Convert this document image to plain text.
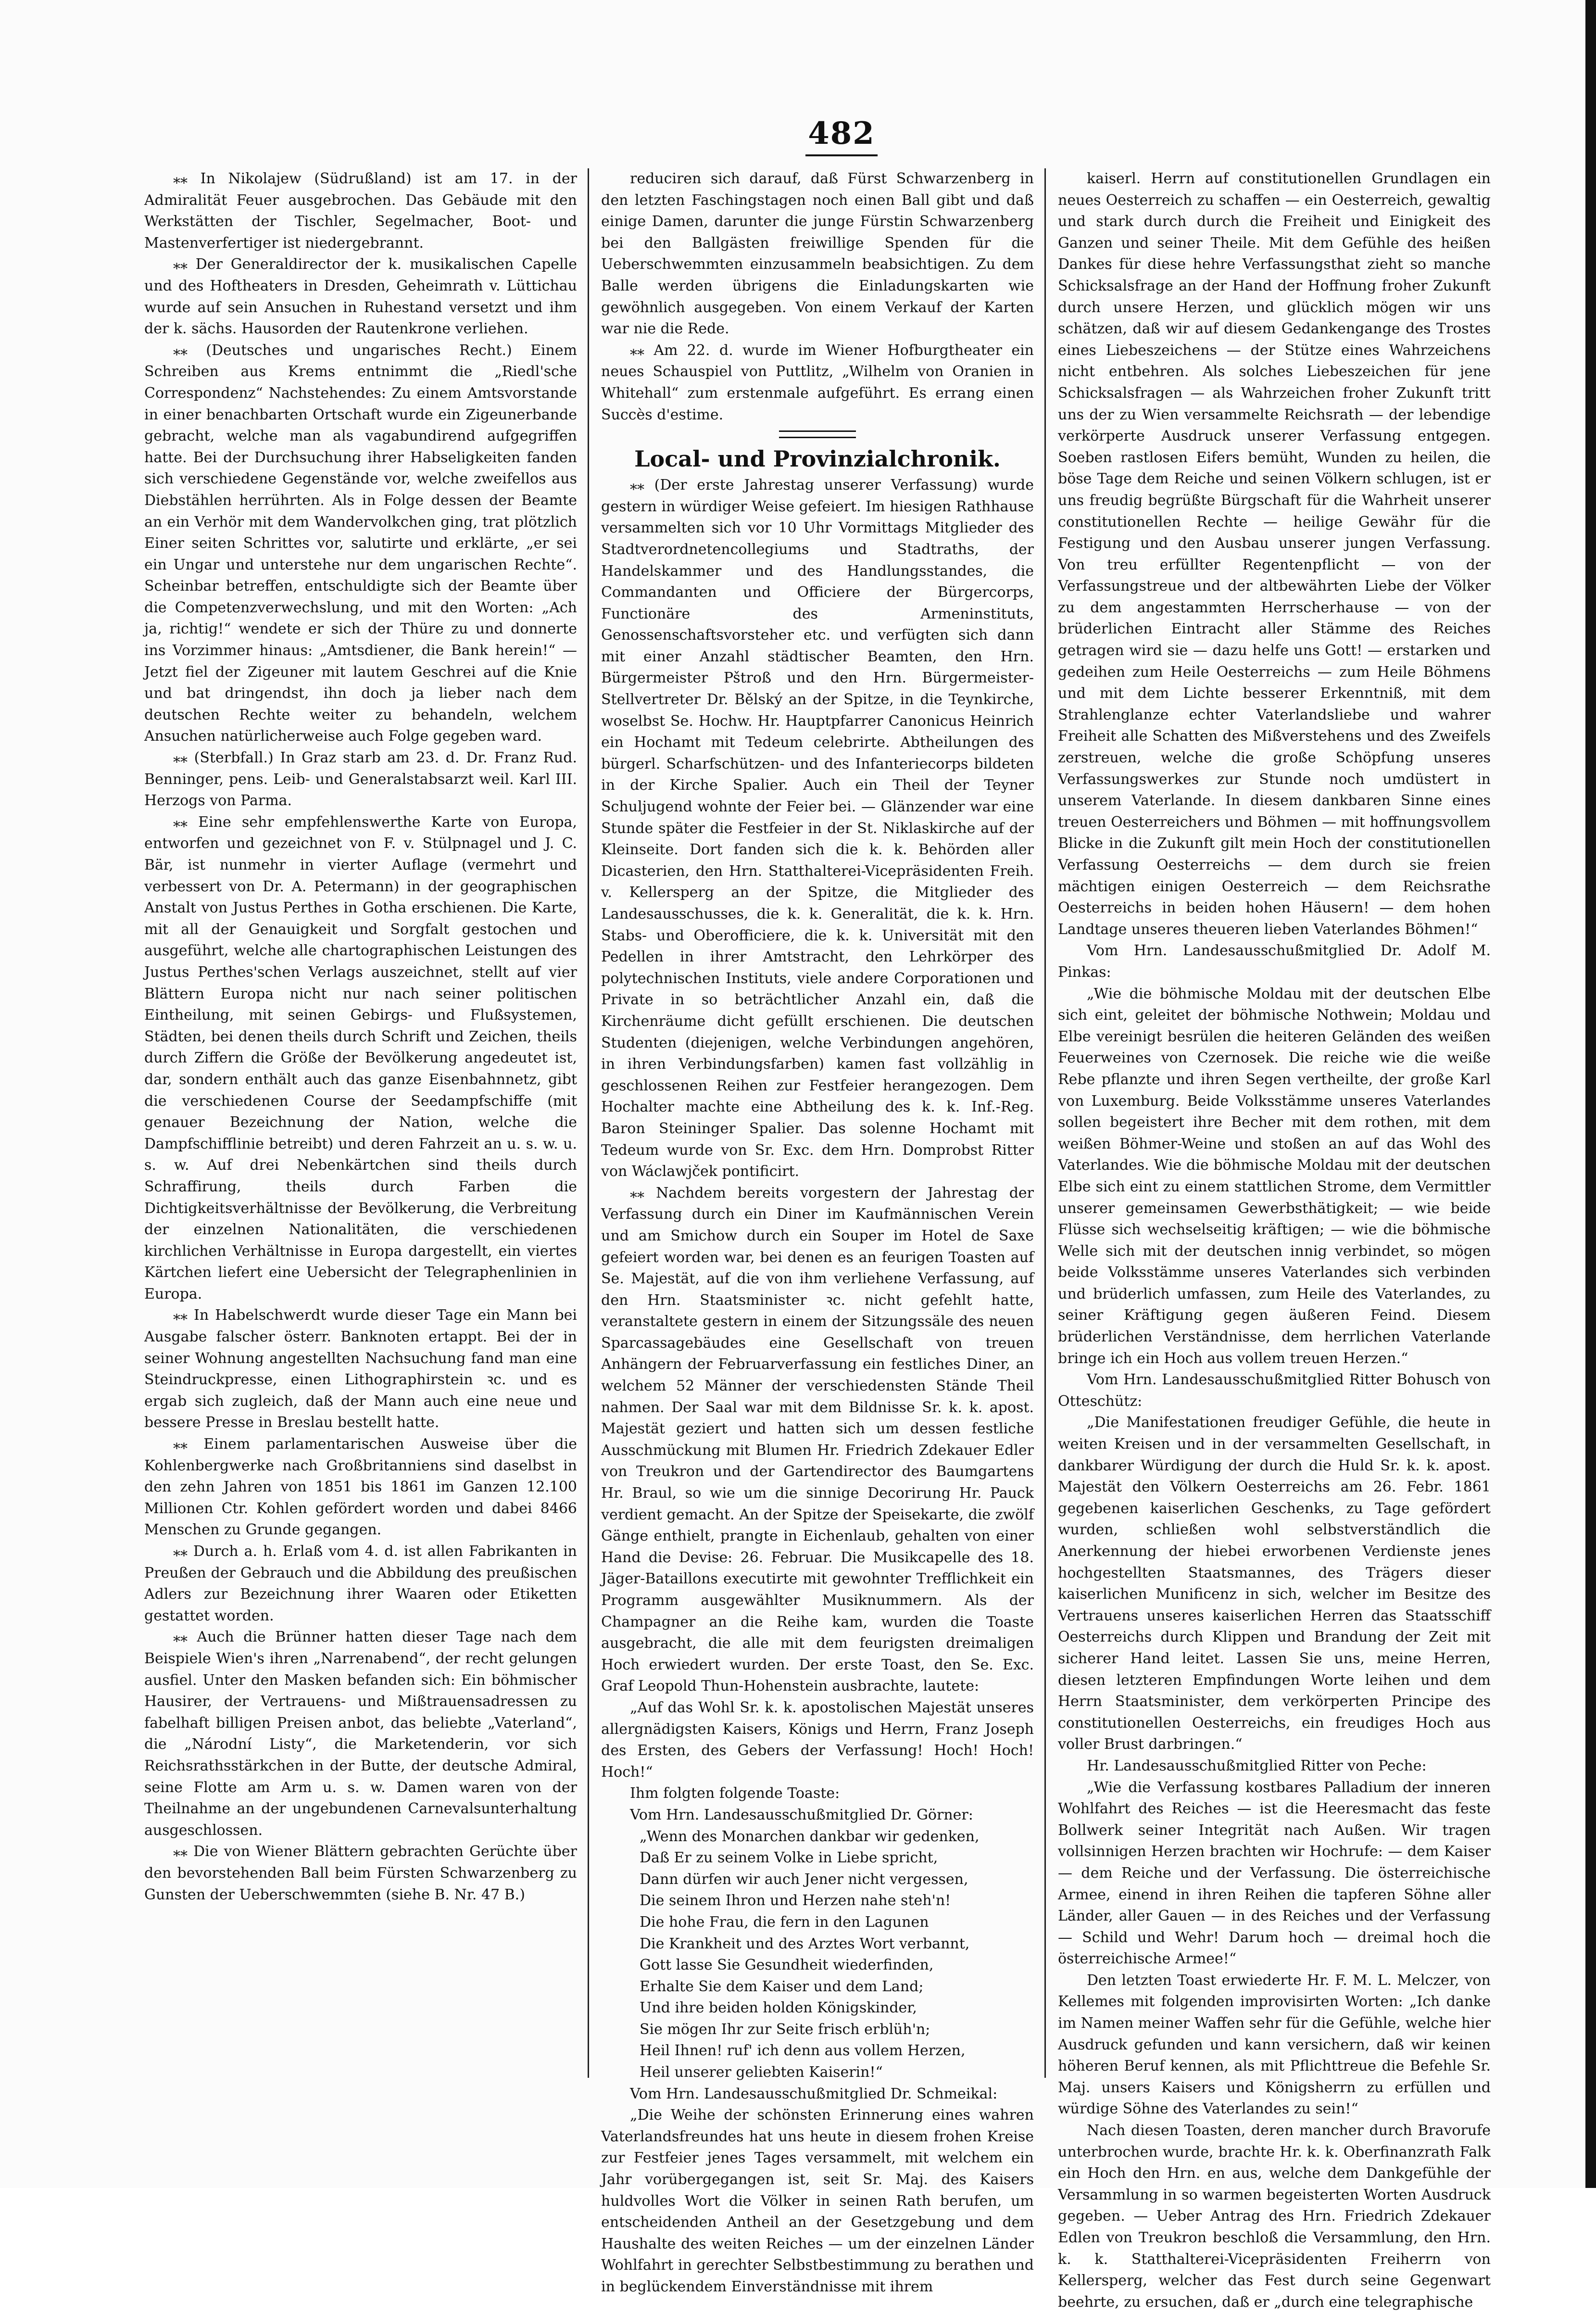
482

⁎⁎ In Nikolajew (Südrußland) ist am 17. in der Admiralität Feuer ausgebrochen. Das Gebäude mit den Werkstätten der Tischler, Segelmacher, Boot- und Mastenverfertiger ist niedergebrannt.

⁎⁎ Der Generaldirector der k. musikalischen Capelle und des Hoftheaters in Dresden, Geheimrath v. Lüttichau wurde auf sein Ansuchen in Ruhestand versetzt und ihm der k. sächs. Hausorden der Rautenkrone verliehen.

⁎⁎ (Deutsches und ungarisches Recht.) Einem Schreiben aus Krems entnimmt die „Riedl'sche Correspondenz“ Nachstehendes: Zu einem Amtsvorstande in einer benachbarten Ortschaft wurde ein Zigeunerbande gebracht, welche man als vagabundirend aufgegriffen hatte. Bei der Durchsuchung ihrer Habseligkeiten fanden sich verschiedene Gegenstände vor, welche zweifellos aus Diebstählen herrührten. Als in Folge dessen der Beamte an ein Verhör mit dem Wandervolkchen ging, trat plötzlich Einer seiten Schrittes vor, salutirte und erklärte, „er sei ein Ungar und unterstehe nur dem ungarischen Rechte“. Scheinbar betreffen, entschuldigte sich der Beamte über die Competenzverwechslung, und mit den Worten: „Ach ja, richtig!“ wendete er sich der Thüre zu und donnerte ins Vorzimmer hinaus: „Amtsdiener, die Bank herein!“ — Jetzt fiel der Zigeuner mit lautem Geschrei auf die Knie und bat dringendst, ihn doch ja lieber nach dem deutschen Rechte weiter zu behandeln, welchem Ansuchen natürlicherweise auch Folge gegeben ward.

⁎⁎ (Sterbfall.) In Graz starb am 23. d. Dr. Franz Rud. Benninger, pens. Leib- und Generalstabsarzt weil. Karl III. Herzogs von Parma.

⁎⁎ Eine sehr empfehlenswerthe Karte von Europa, entworfen und gezeichnet von F. v. Stülpnagel und J. C. Bär, ist nunmehr in vierter Auflage (vermehrt und verbessert von Dr. A. Petermann) in der geographischen Anstalt von Justus Perthes in Gotha erschienen. Die Karte, mit all der Genauigkeit und Sorgfalt gestochen und ausgeführt, welche alle chartographischen Leistungen des Justus Perthes'schen Verlags auszeichnet, stellt auf vier Blättern Europa nicht nur nach seiner politischen Eintheilung, mit seinen Gebirgs- und Flußsystemen, Städten, bei denen theils durch Schrift und Zeichen, theils durch Ziffern die Größe der Bevölkerung angedeutet ist, dar, sondern enthält auch das ganze Eisenbahnnetz, gibt die verschiedenen Course der Seedampfschiffe (mit genauer Bezeichnung der Nation, welche die Dampfschifflinie betreibt) und deren Fahrzeit an u. s. w. u. s. w. Auf drei Nebenkärtchen sind theils durch Schraffirung, theils durch Farben die Dichtigkeitsverhältnisse der Bevölkerung, die Verbreitung der einzelnen Nationalitäten, die verschiedenen kirchlichen Verhältnisse in Europa dargestellt, ein viertes Kärtchen liefert eine Uebersicht der Telegraphenlinien in Europa.

⁎⁎ In Habelschwerdt wurde dieser Tage ein Mann bei Ausgabe falscher österr. Banknoten ertappt. Bei der in seiner Wohnung angestellten Nachsuchung fand man eine Steindruckpresse, einen Lithographirstein ꝛc. und es ergab sich zugleich, daß der Mann auch eine neue und bessere Presse in Breslau bestellt hatte.

⁎⁎ Einem parlamentarischen Ausweise über die Kohlenbergwerke nach Großbritanniens sind daselbst in den zehn Jahren von 1851 bis 1861 im Ganzen 12.100 Millionen Ctr. Kohlen gefördert worden und dabei 8466 Menschen zu Grunde gegangen.

⁎⁎ Durch a. h. Erlaß vom 4. d. ist allen Fabrikanten in Preußen der Gebrauch und die Abbildung des preußischen Adlers zur Bezeichnung ihrer Waaren oder Etiketten gestattet worden.

⁎⁎ Auch die Brünner hatten dieser Tage nach dem Beispiele Wien's ihren „Narrenabend“, der recht gelungen ausfiel. Unter den Masken befanden sich: Ein böhmischer Hausirer, der Vertrauens- und Mißtrauensadressen zu fabelhaft billigen Preisen anbot, das beliebte „Vaterland“, die „Národní Listy“, die Marketenderin, vor sich Reichsrathsstärkchen in der Butte, der deutsche Admiral, seine Flotte am Arm u. s. w. Damen waren von der Theilnahme an der ungebundenen Carnevalsunterhaltung ausgeschlossen.

⁎⁎ Die von Wiener Blättern gebrachten Gerüchte über den bevorstehenden Ball beim Fürsten Schwarzenberg zu Gunsten der Ueberschwemmten (siehe B. Nr. 47 B.)

reduciren sich darauf, daß Fürst Schwarzenberg in den letzten Faschingstagen noch einen Ball gibt und daß einige Damen, darunter die junge Fürstin Schwarzenberg bei den Ballgästen freiwillige Spenden für die Ueberschwemmten einzusammeln beabsichtigen. Zu dem Balle werden übrigens die Einladungskarten wie gewöhnlich ausgegeben. Von einem Verkauf der Karten war nie die Rede.

⁎⁎ Am 22. d. wurde im Wiener Hofburgtheater ein neues Schauspiel von Puttlitz, „Wilhelm von Oranien in Whitehall“ zum erstenmale aufgeführt. Es errang einen Succès d'estime.

Local- und Provinzialchronik.

⁎⁎ (Der erste Jahrestag unserer Verfassung) wurde gestern in würdiger Weise gefeiert. Im hiesigen Rathhause versammelten sich vor 10 Uhr Vormittags Mitglieder des Stadtverordnetencollegiums und Stadtraths, der Handelskammer und des Handlungsstandes, die Commandanten und Officiere der Bürgercorps, Functionäre des Armeninstituts, Genossenschaftsvorsteher etc. und verfügten sich dann mit einer Anzahl städtischer Beamten, den Hrn. Bürgermeister Pštroß und den Hrn. Bürgermeister-Stellvertreter Dr. Bělský an der Spitze, in die Teynkirche, woselbst Se. Hochw. Hr. Hauptpfarrer Canonicus Heinrich ein Hochamt mit Tedeum celebrirte. Abtheilungen des bürgerl. Scharfschützen- und des Infanteriecorps bildeten in der Kirche Spalier. Auch ein Theil der Teyner Schuljugend wohnte der Feier bei. — Glänzender war eine Stunde später die Festfeier in der St. Niklaskirche auf der Kleinseite. Dort fanden sich die k. k. Behörden aller Dicasterien, den Hrn. Statthalterei-Vicepräsidenten Freih. v. Kellersperg an der Spitze, die Mitglieder des Landesausschusses, die k. k. Generalität, die k. k. Hrn. Stabs- und Oberofficiere, die k. k. Universität mit den Pedellen in ihrer Amtstracht, den Lehrkörper des polytechnischen Instituts, viele andere Corporationen und Private in so beträchtlicher Anzahl ein, daß die Kirchenräume dicht gefüllt erschienen. Die deutschen Studenten (diejenigen, welche Verbindungen angehören, in ihren Verbindungsfarben) kamen fast vollzählig in geschlossenen Reihen zur Festfeier herangezogen. Dem Hochalter machte eine Abtheilung des k. k. Inf.-Reg. Baron Steininger Spalier. Das solenne Hochamt mit Tedeum wurde von Sr. Exc. dem Hrn. Domprobst Ritter von Wáclawjček pontificirt.

⁎⁎ Nachdem bereits vorgestern der Jahrestag der Verfassung durch ein Diner im Kaufmännischen Verein und am Smichow durch ein Souper im Hotel de Saxe gefeiert worden war, bei denen es an feurigen Toasten auf Se. Majestät, auf die von ihm verliehene Verfassung, auf den Hrn. Staatsminister ꝛc. nicht gefehlt hatte, veranstaltete gestern in einem der Sitzungssäle des neuen Sparcassagebäudes eine Gesellschaft von treuen Anhängern der Februarverfassung ein festliches Diner, an welchem 52 Männer der verschiedensten Stände Theil nahmen. Der Saal war mit dem Bildnisse Sr. k. k. apost. Majestät geziert und hatten sich um dessen festliche Ausschmückung mit Blumen Hr. Friedrich Zdekauer Edler von Treukron und der Gartendirector des Baumgartens Hr. Braul, so wie um die sinnige Decorirung Hr. Pauck verdient gemacht. An der Spitze der Speisekarte, die zwölf Gänge enthielt, prangte in Eichenlaub, gehalten von einer Hand die Devise: 26. Februar. Die Musikcapelle des 18. Jäger-Bataillons executirte mit gewohnter Trefflichkeit ein Programm ausgewählter Musiknummern. Als der Champagner an die Reihe kam, wurden die Toaste ausgebracht, die alle mit dem feurigsten dreimaligen Hoch erwiedert wurden. Der erste Toast, den Se. Exc. Graf Leopold Thun-Hohenstein ausbrachte, lautete:

„Auf das Wohl Sr. k. k. apostolischen Majestät unseres allergnädigsten Kaisers, Königs und Herrn, Franz Joseph des Ersten, des Gebers der Verfassung! Hoch! Hoch! Hoch!“

Ihm folgten folgende Toaste:

Vom Hrn. Landesausschußmitglied Dr. Görner:

„Wenn des Monarchen dankbar wir gedenken,

Daß Er zu seinem Volke in Liebe spricht,

Dann dürfen wir auch Jener nicht vergessen,

Die seinem Ihron und Herzen nahe steh'n!

Die hohe Frau, die fern in den Lagunen

Die Krankheit und des Arztes Wort verbannt,

Gott lasse Sie Gesundheit wiederfinden,

Erhalte Sie dem Kaiser und dem Land;

Und ihre beiden holden Königskinder,

Sie mögen Ihr zur Seite frisch erblüh'n;

Heil Ihnen! ruf' ich denn aus vollem Herzen,

Heil unserer geliebten Kaiserin!“

Vom Hrn. Landesausschußmitglied Dr. Schmeikal:

„Die Weihe der schönsten Erinnerung eines wahren Vaterlandsfreundes hat uns heute in diesem frohen Kreise zur Festfeier jenes Tages versammelt, mit welchem ein Jahr vorübergegangen ist, seit Sr. Maj. des Kaisers huldvolles Wort die Völker in seinen Rath berufen, um entscheidenden Antheil an der Gesetzgebung und dem Haushalte des weiten Reiches — um der einzelnen Länder Wohlfahrt in gerechter Selbstbestimmung zu berathen und in beglückendem Einverständnisse mit ihrem

kaiserl. Herrn auf constitutionellen Grundlagen ein neues Oesterreich zu schaffen — ein Oesterreich, gewaltig und stark durch durch die Freiheit und Einigkeit des Ganzen und seiner Theile. Mit dem Gefühle des heißen Dankes für diese hehre Verfassungsthat zieht so manche Schicksalsfrage an der Hand der Hoffnung froher Zukunft durch unsere Herzen, und glücklich mögen wir uns schätzen, daß wir auf diesem Gedankengange des Trostes eines Liebeszeichens — der Stütze eines Wahrzeichens nicht entbehren. Als solches Liebeszeichen für jene Schicksalsfragen — als Wahrzeichen froher Zukunft tritt uns der zu Wien versammelte Reichsrath — der lebendige verkörperte Ausdruck unserer Verfassung entgegen. Soeben rastlosen Eifers bemüht, Wunden zu heilen, die böse Tage dem Reiche und seinen Völkern schlugen, ist er uns freudig begrüßte Bürgschaft für die Wahrheit unserer constitutionellen Rechte — heilige Gewähr für die Festigung und den Ausbau unserer jungen Verfassung. Von treu erfüllter Regentenpflicht — von der Verfassungstreue und der altbewährten Liebe der Völker zu dem angestammten Herrscherhause — von der brüderlichen Eintracht aller Stämme des Reiches getragen wird sie — dazu helfe uns Gott! — erstarken und gedeihen zum Heile Oesterreichs — zum Heile Böhmens und mit dem Lichte besserer Erkenntniß, mit dem Strahlenglanze echter Vaterlandsliebe und wahrer Freiheit alle Schatten des Mißverstehens und des Zweifels zerstreuen, welche die große Schöpfung unseres Verfassungswerkes zur Stunde noch umdüstert in unserem Vaterlande. In diesem dankbaren Sinne eines treuen Oesterreichers und Böhmen — mit hoffnungsvollem Blicke in die Zukunft gilt mein Hoch der constitutionellen Verfassung Oesterreichs — dem durch sie freien mächtigen einigen Oesterreich — dem Reichsrathe Oesterreichs in beiden hohen Häusern! — dem hohen Landtage unseres theueren lieben Vaterlandes Böhmen!“

Vom Hrn. Landesausschußmitglied Dr. Adolf M. Pinkas:

„Wie die böhmische Moldau mit der deutschen Elbe sich eint, geleitet der böhmische Nothwein; Moldau und Elbe vereinigt besrülen die heiteren Geländen des weißen Feuerweines von Czernosek. Die reiche wie die weiße Rebe pflanzte und ihren Segen vertheilte, der große Karl von Luxemburg. Beide Volksstämme unseres Vaterlandes sollen begeistert ihre Becher mit dem rothen, mit dem weißen Böhmer-Weine und stoßen an auf das Wohl des Vaterlandes. Wie die böhmische Moldau mit der deutschen Elbe sich eint zu einem stattlichen Strome, dem Vermittler unserer gemeinsamen Gewerbsthätigkeit; — wie beide Flüsse sich wechselseitig kräftigen; — wie die böhmische Welle sich mit der deutschen innig verbindet, so mögen beide Volksstämme unseres Vaterlandes sich verbinden und brüderlich umfassen, zum Heile des Vaterlandes, zu seiner Kräftigung gegen äußeren Feind. Diesem brüderlichen Verständnisse, dem herrlichen Vaterlande bringe ich ein Hoch aus vollem treuen Herzen.“

Vom Hrn. Landesausschußmitglied Ritter Bohusch von Otteschütz:

„Die Manifestationen freudiger Gefühle, die heute in weiten Kreisen und in der versammelten Gesellschaft, in dankbarer Würdigung der durch die Huld Sr. k. k. apost. Majestät den Völkern Oesterreichs am 26. Febr. 1861 gegebenen kaiserlichen Geschenks, zu Tage gefördert wurden, schließen wohl selbstverständlich die Anerkennung der hiebei erworbenen Verdienste jenes hochgestellten Staatsmannes, des Trägers dieser kaiserlichen Munificenz in sich, welcher im Besitze des Vertrauens unseres kaiserlichen Herren das Staatsschiff Oesterreichs durch Klippen und Brandung der Zeit mit sicherer Hand leitet. Lassen Sie uns, meine Herren, diesen letzteren Empfindungen Worte leihen und dem Herrn Staatsminister, dem verkörperten Principe des constitutionellen Oesterreichs, ein freudiges Hoch aus voller Brust darbringen.“

Hr. Landesausschußmitglied Ritter von Peche:

„Wie die Verfassung kostbares Palladium der inneren Wohlfahrt des Reiches — ist die Heeresmacht das feste Bollwerk seiner Integrität nach Außen. Wir tragen vollsinnigen Herzen brachten wir Hochrufe: — dem Kaiser — dem Reiche und der Verfassung. Die österreichische Armee, einend in ihren Reihen die tapferen Söhne aller Länder, aller Gauen — in des Reiches und der Verfassung — Schild und Wehr! Darum hoch — dreimal hoch die österreichische Armee!“

Den letzten Toast erwiederte Hr. F. M. L. Melczer, von Kellemes mit folgenden improvisirten Worten: „Ich danke im Namen meiner Waffen sehr für die Gefühle, welche hier Ausdruck gefunden und kann versichern, daß wir keinen höheren Beruf kennen, als mit Pflichttreue die Befehle Sr. Maj. unsers Kaisers und Königsherrn zu erfüllen und würdige Söhne des Vaterlandes zu sein!“

Nach diesen Toasten, deren mancher durch Bravorufe unterbrochen wurde, brachte Hr. k. k. Oberfinanzrath Falk ein Hoch den Hrn. en aus, welche dem Dankgefühle der Versammlung in so warmen begeisterten Worten Ausdruck gegeben. — Ueber Antrag des Hrn. Friedrich Zdekauer Edlen von Treukron beschloß die Versammlung, den Hrn. k. k. Statthalterei-Vicepräsidenten Freiherrn von Kellersperg, welcher das Fest durch seine Gegenwart beehrte, zu ersuchen, daß er „durch eine telegraphische
